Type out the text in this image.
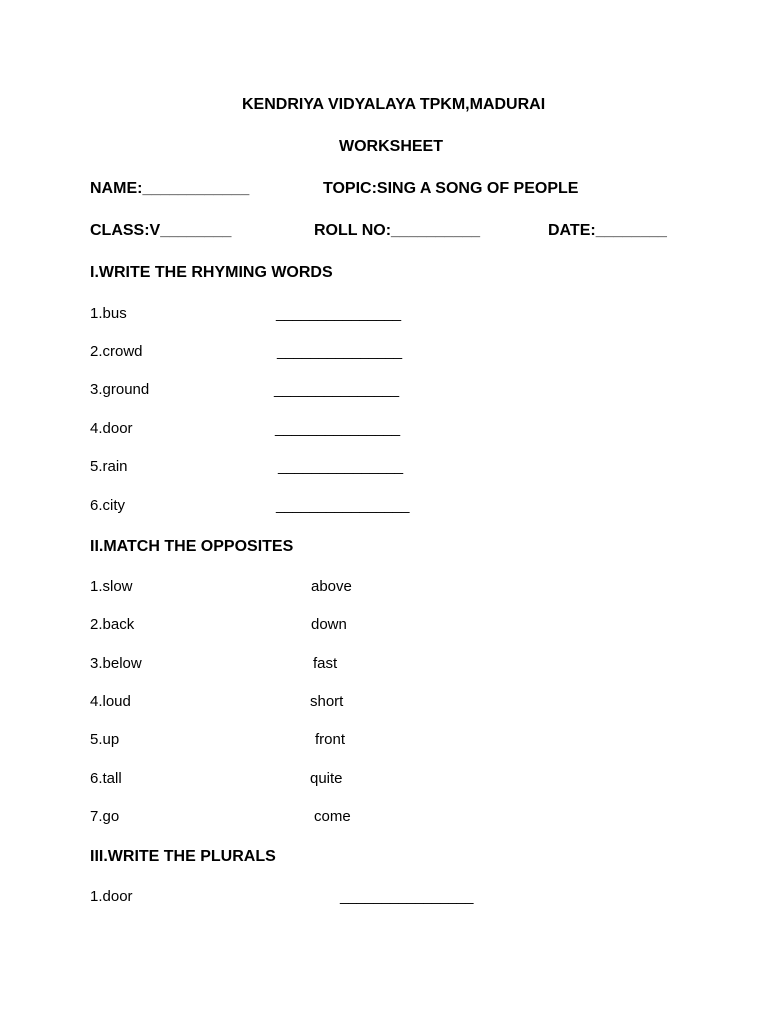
KENDRIYA VIDYALAYA TPKM,MADURAI
WORKSHEET
NAME:____________	TOPIC:SING A SONG OF PEOPLE
CLASS:V________	ROLL NO:__________	DATE:________
I.WRITE THE RHYMING WORDS
1.bus	_______________
2.crowd	_______________
3.ground	_______________
4.door	_______________
5.rain	_______________
6.city	________________
II.MATCH THE OPPOSITES
1.slow	above
2.back	down
3.below	fast
4.loud	short
5.up	front
6.tall	quite
7.go	come
III.WRITE THE PLURALS
1.door	________________
